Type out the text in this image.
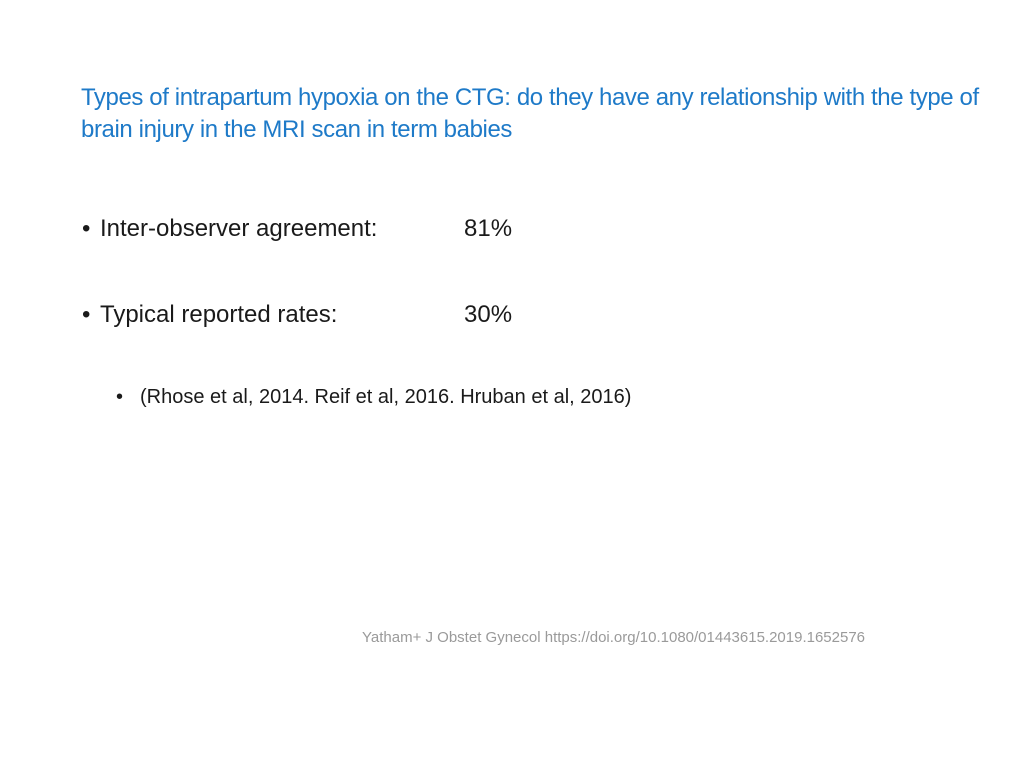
Types of intrapartum hypoxia on the CTG: do they have any relationship with the type of brain injury in the MRI scan in term babies
• Inter-observer agreement:	81%
• Typical reported rates:	30%
• (Rhose et al, 2014. Reif et al, 2016. Hruban et al, 2016)
Yatham+ J Obstet Gynecol https://doi.org/10.1080/01443615.2019.1652576
